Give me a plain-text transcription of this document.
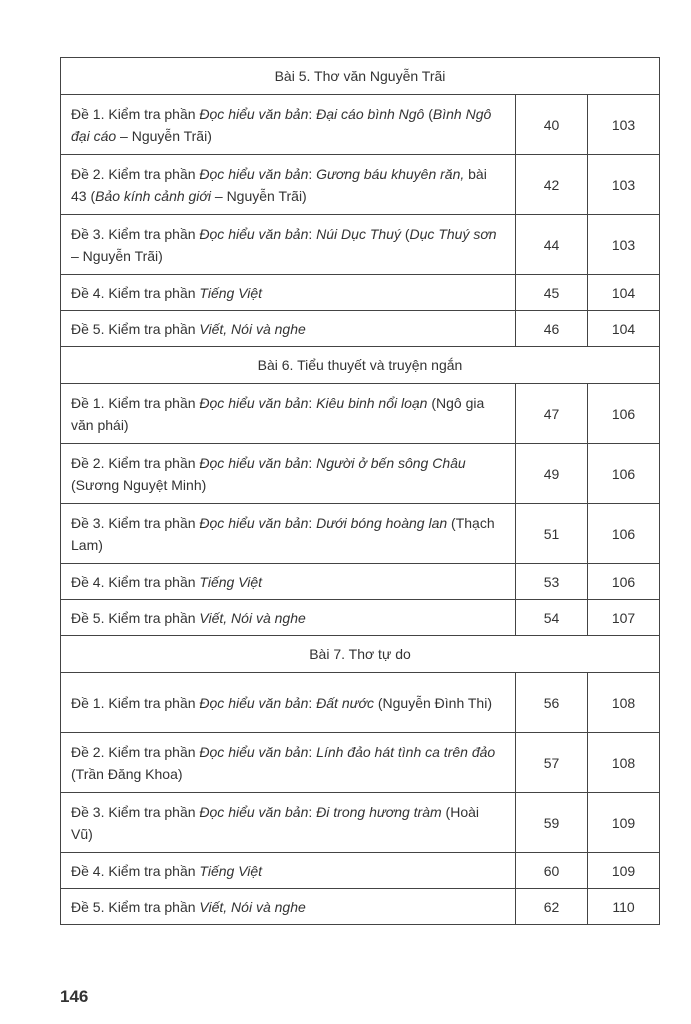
Bài 5. Thơ văn Nguyễn Trãi		
Đề 1. Kiểm tra phần Đọc hiểu văn bản: Đại cáo bình Ngô (Bình Ngô đại cáo – Nguyễn Trãi)	40	103
Đề 2. Kiểm tra phần Đọc hiểu văn bản: Gương báu khuyên răn, bài 43 (Bảo kính cảnh giới – Nguyễn Trãi)	42	103
Đề 3. Kiểm tra phần Đọc hiểu văn bản: Núi Dục Thuý (Dục Thuý sơn – Nguyễn Trãi)	44	103
Đề 4. Kiểm tra phần Tiếng Việt	45	104
Đề 5. Kiểm tra phần Viết, Nói và nghe	46	104
Bài 6. Tiểu thuyết và truyện ngắn		
Đề 1. Kiểm tra phần Đọc hiểu văn bản: Kiêu binh nổi loạn (Ngô gia văn phái)	47	106
Đề 2. Kiểm tra phần Đọc hiểu văn bản: Người ở bến sông Châu (Sương Nguyệt Minh)	49	106
Đề 3. Kiểm tra phần Đọc hiểu văn bản: Dưới bóng hoàng lan (Thạch Lam)	51	106
Đề 4. Kiểm tra phần Tiếng Việt	53	106
Đề 5. Kiểm tra phần Viết, Nói và nghe	54	107
Bài 7. Thơ tự do		
Đề 1. Kiểm tra phần Đọc hiểu văn bản: Đất nước (Nguyễn Đình Thi)	56	108
Đề 2. Kiểm tra phần Đọc hiểu văn bản: Lính đảo hát tình ca trên đảo (Trần Đăng Khoa)	57	108
Đề 3. Kiểm tra phần Đọc hiểu văn bản: Đi trong hương tràm (Hoài Vũ)	59	109
Đề 4. Kiểm tra phần Tiếng Việt	60	109
Đề 5. Kiểm tra phần Viết, Nói và nghe	62	110
146
